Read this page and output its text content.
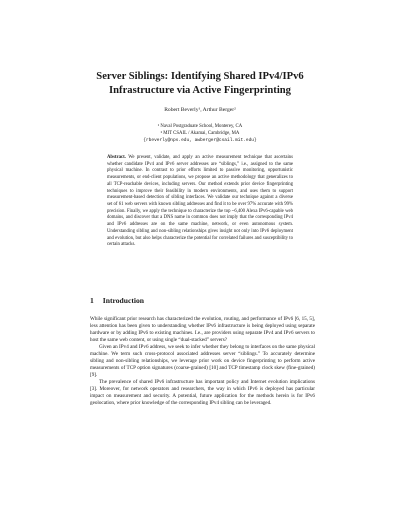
Server Siblings: Identifying Shared IPv4/IPv6
Infrastructure via Active Fingerprinting
Robert Beverly¹, Arthur Berger²
¹ Naval Postgraduate School, Monterey, CA
² MIT CSAIL / Akamai, Cambridge, MA
{rbeverly@nps.edu, awberger@csail.mit.edu}
Abstract. We present, validate, and apply an active measurement technique that ascertains whether candidate IPv4 and IPv6 server addresses are “siblings,” i.e., assigned to the same physical machine. In contrast to prior efforts limited to passive monitoring, opportunistic measurements, or end-client populations, we propose an active methodology that generalizes to all TCP-reachable devices, including servers. Our method extends prior device fingerprinting techniques to improve their feasibility in modern environments, and uses them to support measurement-based detection of sibling interfaces. We validate our technique against a diverse set of 61 web servers with known sibling addresses and find it to be over 97% accurate with 99% precision. Finally, we apply the technique to characterize the top ~6,400 Alexa IPv6-capable web domains, and discover that a DNS name in common does not imply that the corresponding IPv4 and IPv6 addresses are on the same machine, network, or even autonomous system. Understanding sibling and non-sibling relationships gives insight not only into IPv6 deployment and evolution, but also helps characterize the potential for correlated failures and susceptibility to certain attacks.
1 Introduction

While significant prior research has characterized the evolution, routing, and performance of IPv6 [6, 15, 5], less attention has been given to understanding whether IPv6 infrastructure is being deployed using separate hardware or by adding IPv6 to existing machines. I.e., are providers using separate IPv4 and IPv6 servers to host the same web content, or using single “dual-stacked” servers?

Given an IPv4 and IPv6 address, we seek to infer whether they belong to interfaces on the same physical machine. We term such cross-protocol associated addresses server “siblings.” To accurately determine sibling and non-sibling relationships, we leverage prior work on device fingerprinting to perform active measurements of TCP option signatures (coarse-grained) [10] and TCP timestamp clock skew (fine-grained) [9].

The prevalence of shared IPv6 infrastructure has important policy and Internet evolution implications [3]. Moreover, for network operators and researchers, the way in which IPv6 is deployed has particular impact on measurement and security. A potential, future application for the methods herein is for IPv6 geolocation, where prior knowledge of the corresponding IPv4 sibling can be leveraged.
